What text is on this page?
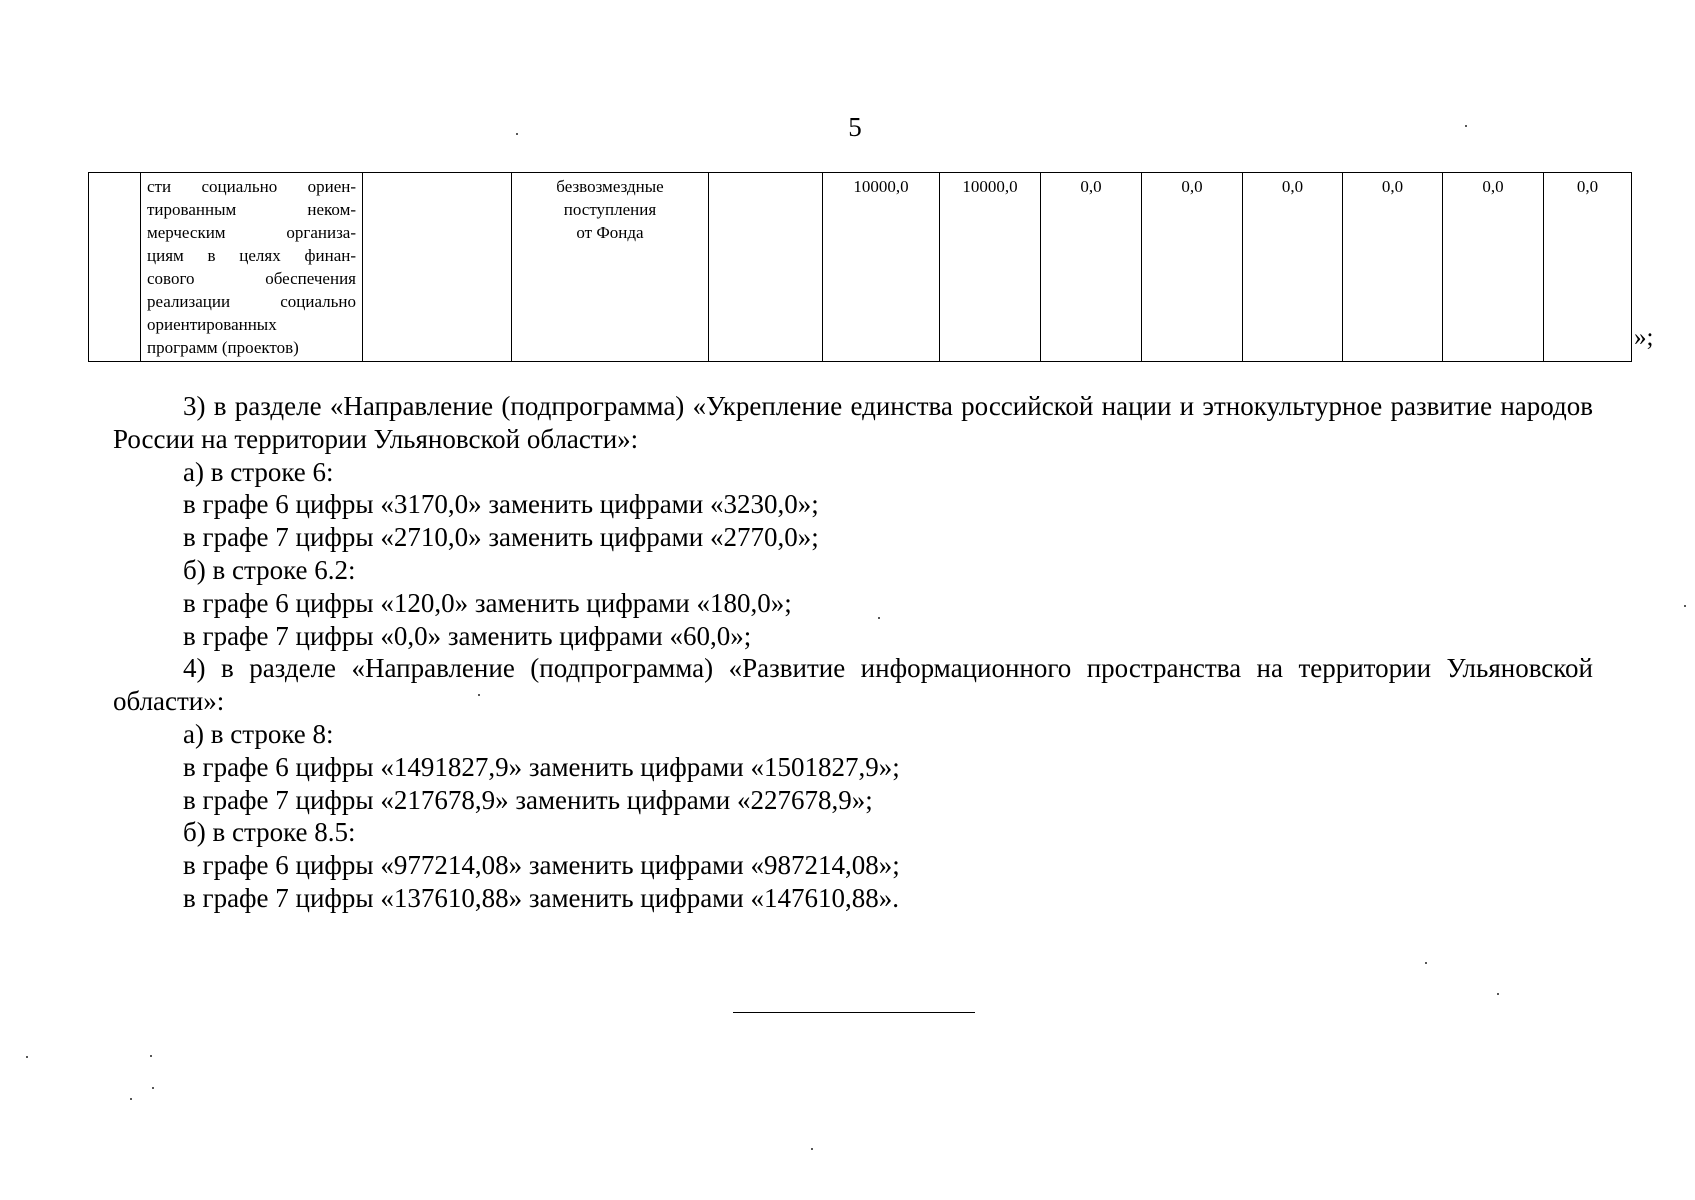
5
	сти социально ориен-
тированным неком-
мерческим организа-
циям в целях финан-
сового обеспечения
реализации социально
ориентированных

программ (проектов)
		безвозмездные
поступления
от Фонда		10000,0	10000,0	0,0	0,0	0,0	0,0	0,0	0,0
»;

3) в разделе «Направление (подпрограмма) «Укрепление единства российской нации и этнокультурное развитие народов России на территории Ульяновской области»:

а) в строке 6:

в графе 6 цифры «3170,0» заменить цифрами «3230,0»;

в графе 7 цифры «2710,0» заменить цифрами «2770,0»;

б) в строке 6.2:

в графе 6 цифры «120,0» заменить цифрами «180,0»;

в графе 7 цифры «0,0» заменить цифрами «60,0»;

4) в разделе «Направление (подпрограмма) «Развитие информационного пространства на территории Ульяновской области»:

а) в строке 8:

в графе 6 цифры «1491827,9» заменить цифрами «1501827,9»;

в графе 7 цифры «217678,9» заменить цифрами «227678,9»;

б) в строке 8.5:

в графе 6 цифры «977214,08» заменить цифрами «987214,08»;

в графе 7 цифры «137610,88» заменить цифрами «147610,88».
